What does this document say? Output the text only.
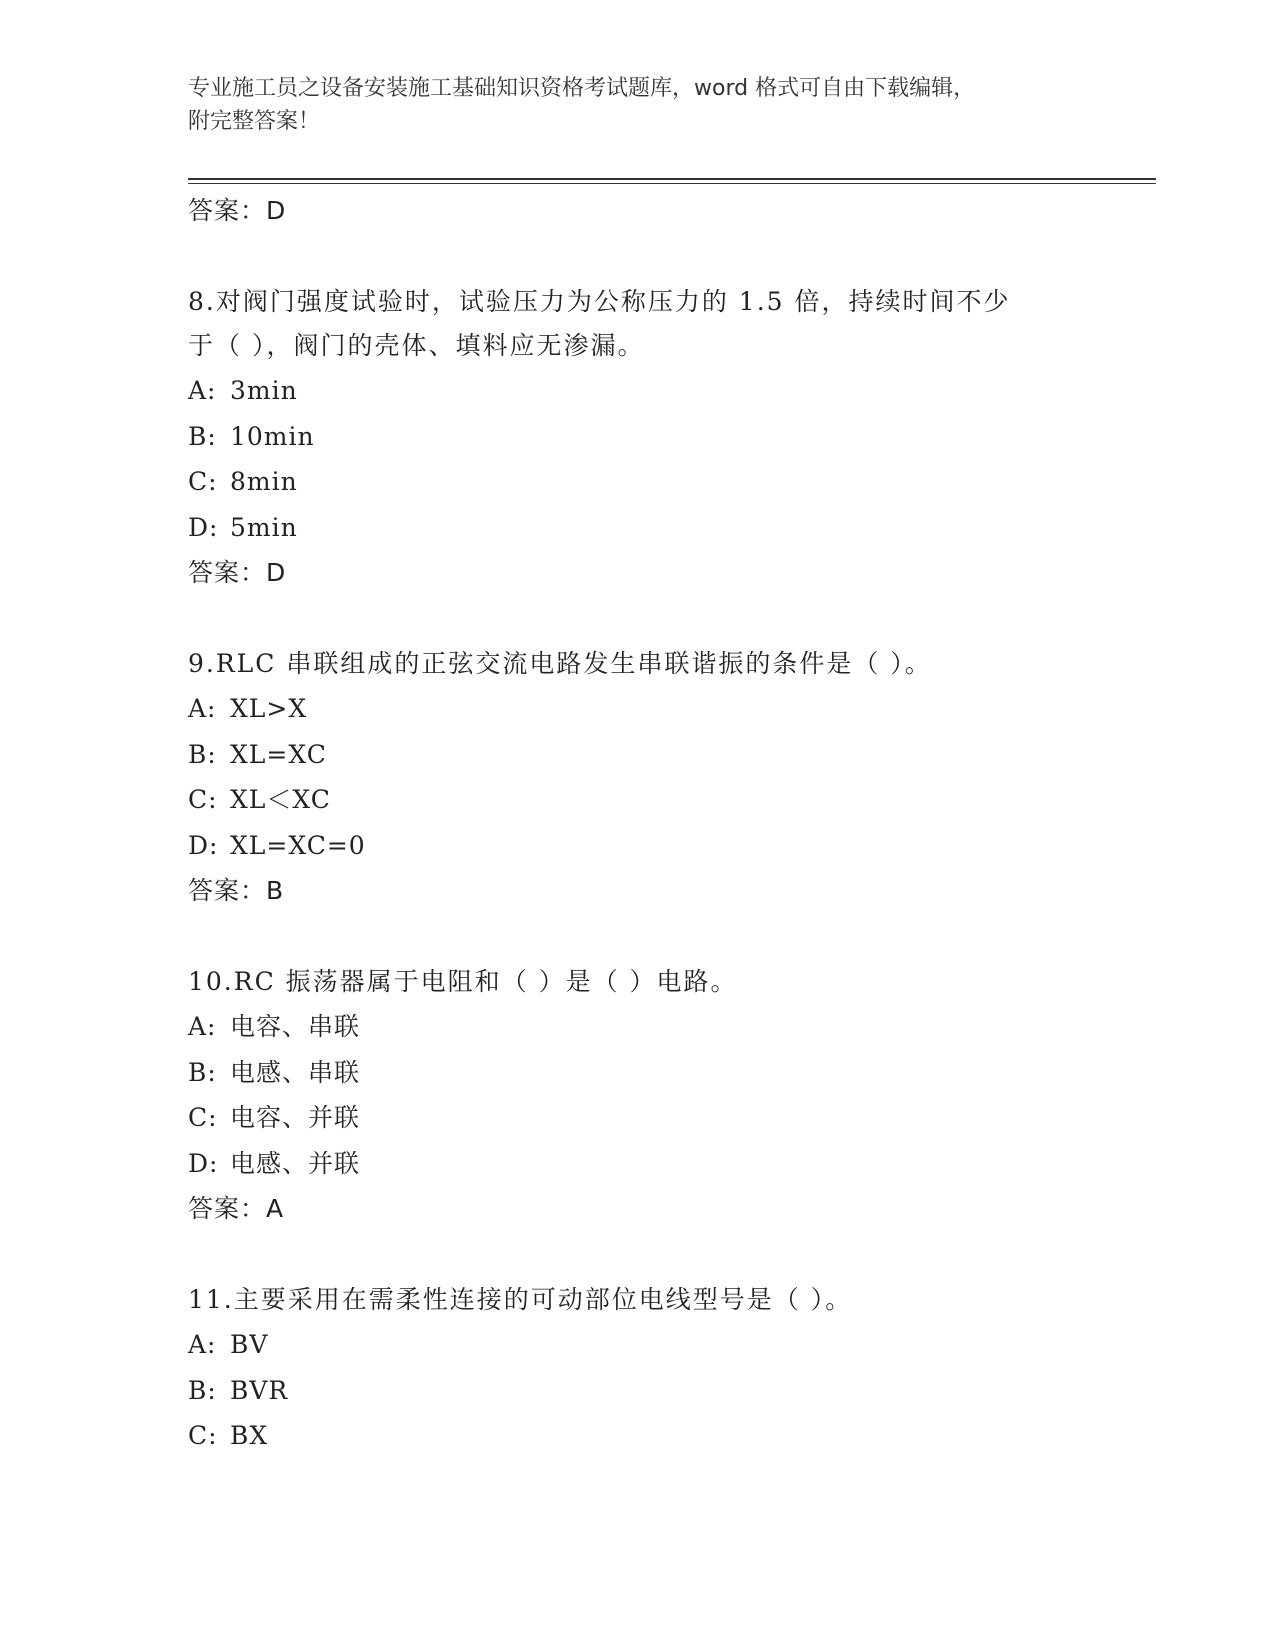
专业施工员之设备安装施工基础知识资格考试题库，word 格式可自由下载编辑，
附完整答案！
答案：D

8.对阀门强度试验时，试验压力为公称压力的 1.5 倍，持续时间不少
于（ ），阀门的壳体、填料应无渗漏。

A: 3min
B: 10min
C: 8min
D: 5min
答案：D

9.RLC 串联组成的正弦交流电路发生串联谐振的条件是（ ）。

A: XL>X
B: XL=XC
C: XL＜XC
D: XL=XC=0
答案：B

10.RC 振荡器属于电阻和（ ）是（ ）电路。

A: 电容、串联
B: 电感、串联
C: 电容、并联
D: 电感、并联
答案：A

11.主要采用在需柔性连接的可动部位电线型号是（ ）。

A: BV
B: BVR
C: BX
